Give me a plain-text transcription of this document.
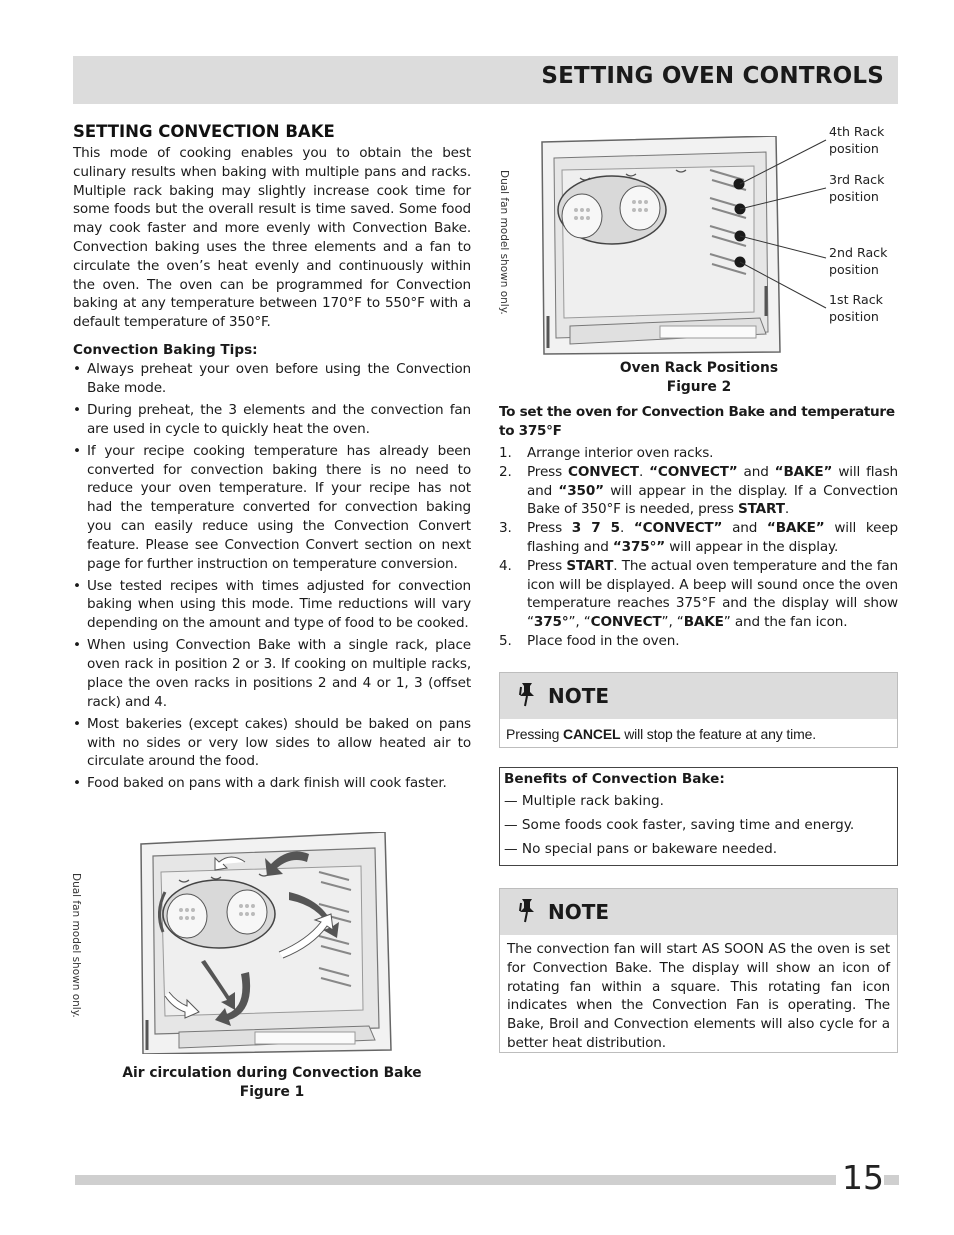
SETTING OVEN CONTROLS
SETTING CONVECTION BAKE

This mode of cooking enables you to obtain the best culinary results when baking with multiple pans and racks. Multiple rack baking may slightly increase cook time for some foods but the overall result is time saved. Some food may cook faster and more evenly with Convection Bake. Convection baking uses the three elements and a fan to circulate the oven’s heat evenly and continuously within the oven. The oven can be programmed for Convection baking at any temperature between 170°F to 550°F with a default temperature of 350°F.

Convection Baking Tips:
• Always preheat your oven before using the Convection Bake mode.
• During preheat, the 3 elements and the convection fan are used in cycle to quickly heat the oven.
• If your recipe cooking temperature has already been converted for convection baking there is no need to reduce your oven temperature. If your recipe has not had the temperature converted for convection baking you can easily reduce using the Convection Convert feature. Please see Convection Convert section on next page for further instruction on temperature conversion.
• Use tested recipes with times adjusted for convection baking when using this mode. Time reductions will vary depending on the amount and type of food to be cooked.
• When using Convection Bake with a single rack, place oven rack in position 2 or 3. If cooking on multiple racks, place the oven racks in positions 2 and 4 or 1, 3 (offset rack) and 4.
• Most bakeries (except cakes) should be baked on pans with no sides or very low sides to allow heated air to circulate around the food.
• Food baked on pans with a dark finish will cook faster.
Dual fan model shown only.
Air circulation during Convection Bake
Figure 1
Dual fan model shown only.
4th Rack
position
3rd Rack
position
2nd Rack
position
1st Rack
position
Oven Rack Positions
Figure 2
To set the oven for Convection Bake and temperature to 375°F
1. Arrange interior oven racks.
2. Press CONVECT. “CONVECT” and “BAKE” will flash and “350” will appear in the display. If a Convection Bake of 350°F is needed, press START.
3. Press 3 7 5. “CONVECT” and “BAKE” will keep flashing and “375°” will appear in the display.
4. Press START. The actual oven temperature and the fan icon will be displayed. A beep will sound once the oven temperature reaches 375°F and the display will show “375°”, “CONVECT”, “BAKE” and the fan icon.
5. Place food in the oven.
NOTE
Pressing CANCEL will stop the feature at any time.
Benefits of Convection Bake:
— Multiple rack baking.
— Some foods cook faster, saving time and energy.
— No special pans or bakeware needed.
NOTE
The convection fan will start AS SOON AS the oven is set for Convection Bake. The display will show an icon of rotating fan within a square. This rotating fan icon indicates when the Convection Fan is operating. The Bake, Broil and Convection elements will also cycle for a better heat distribution.
15
